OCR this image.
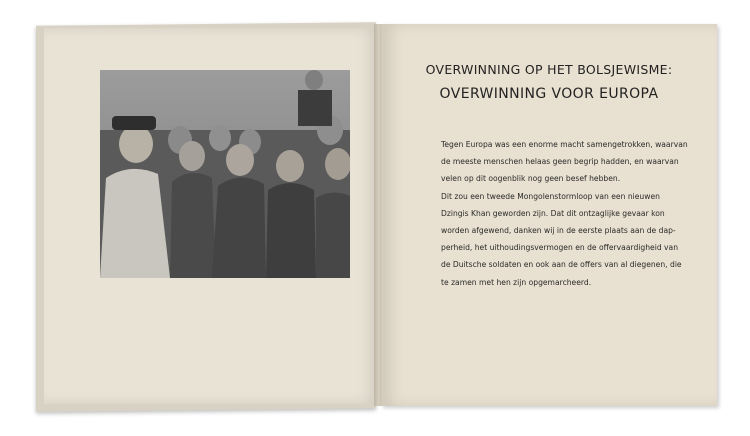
OVERWINNING OP HET BOLSJEWISME:
OVERWINNING VOOR EUROPA
Tegen Europa was een enorme macht samengetrokken, waarvan
de meeste menschen helaas geen begrip hadden, en waarvan
velen op dit oogenblik nog geen besef hebben.
Dit zou een tweede Mongolenstormloop van een nieuwen
Dzingis Khan geworden zijn. Dat dit ontzaglijke gevaar kon
worden afgewend, danken wij in de eerste plaats aan de dap-
perheid, het uithoudingsvermogen en de offervaardigheid van
de Duitsche soldaten en ook aan de offers van al diegenen, die
te zamen met hen zijn opgemarcheerd.
